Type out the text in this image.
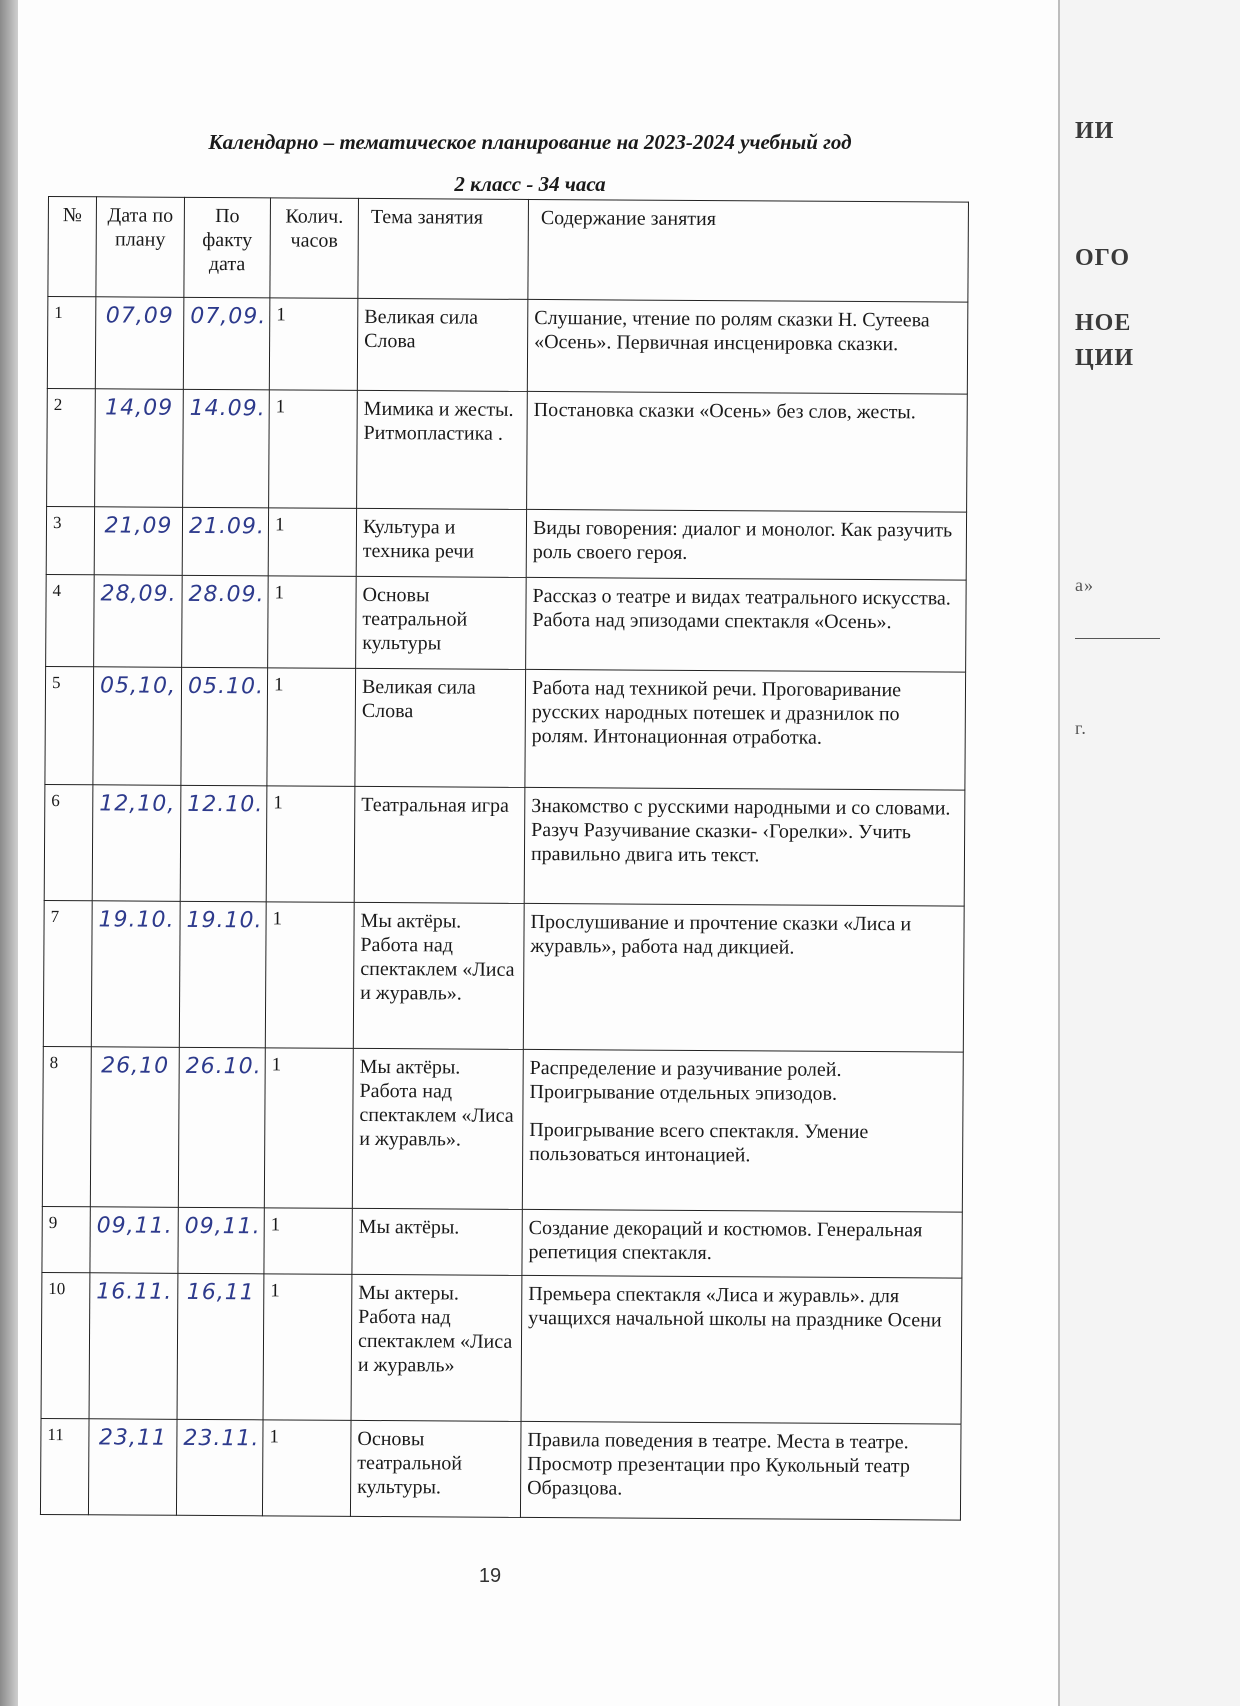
ИИ
ОГО
НОЕ
ЦИИ
а»
г.
Календарно – тематическое планирование на 2023-2024 учебный год
2 класс - 34 часа
№	Дата по плану	По факту дата	Колич. часов	Тема занятия	Содержание занятия
1	07,09	07,09.	1	Великая сила Слова	Слушание, чтение по ролям сказки Н. Сутеева «Осень». Первичная инсценировка сказки.
2	14,09	14.09.	1	Мимика и жесты. Ритмопластика .	Постановка сказки «Осень» без слов, жесты.
3	21,09	21.09.	1	Культура и техника речи	Виды говорения: диалог и монолог. Как разучить роль своего героя.
4	28,09.	28.09.	1	Основы театральной культуры	Рассказ о театре и видах театрального искусства. Работа над эпизодами спектакля «Осень».
5	05,10,	05.10.	1	Великая сила Слова	Работа над техникой речи. Проговаривание русских народных потешек и дразнилок по ролям. Интонационная отработка.
6	12,10,	12.10.	1	Театральная игра	Знакомство с русскими народными и со словами. Разуч Разучивание сказки- ‹Горелки». Учить правильно двига ить текст.
7	19.10.	19.10.	1	Мы актёры. Работа над спектаклем «Лиса и журавль».	Прослушивание и прочтение сказки «Лиса и журавль», работа над дикцией.
8	26,10	26.10.	1	Мы актёры. Работа над спектаклем «Лиса и журавль».	Распределение и разучивание ролей. Проигрывание отдельных эпизодов.
Проигрывание всего спектакля. Умение пользоваться интонацией.

9	09,11.	09,11.	1	Мы актёры.	Создание декораций и костюмов. Генеральная репетиция спектакля.
10	16.11.	16,11	1	Мы актеры. Работа над спектаклем «Лиса и журавль»	Премьера спектакля «Лиса и журавль». для учащихся начальной школы на празднике Осени
11	23,11	23.11.	1	Основы театральной культуры.	Правила поведения в театре. Места в театре. Просмотр презентации про Кукольный театр Образцова.
19
